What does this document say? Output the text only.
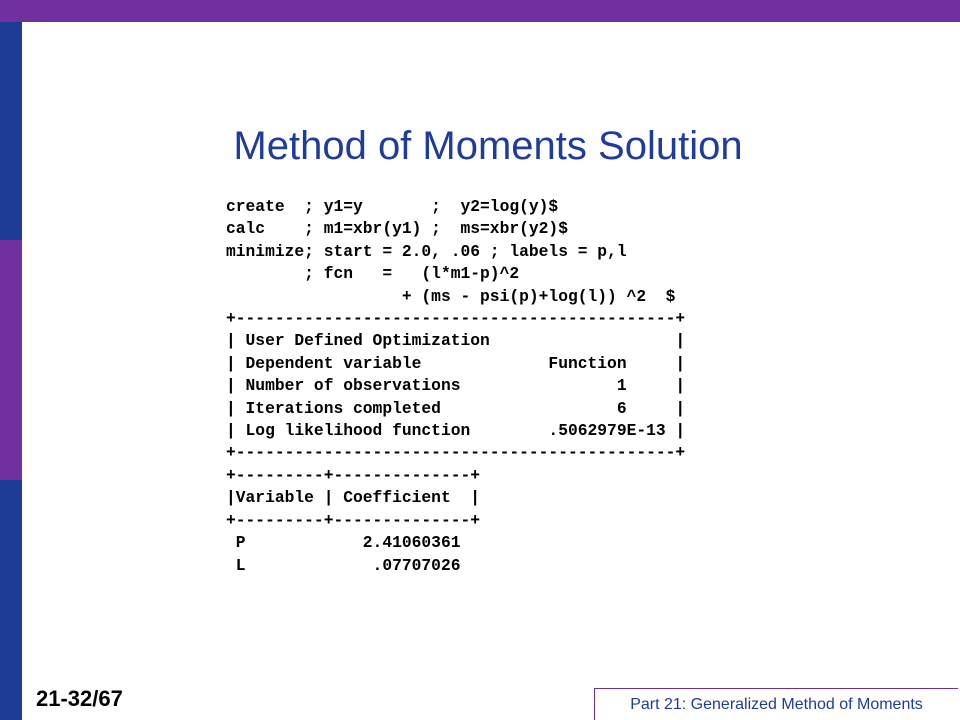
Method of Moments Solution
create  ; y1=y       ;  y2=log(y)$
calc    ; m1=xbr(y1) ;  ms=xbr(y2)$
minimize; start = 2.0, .06 ; labels = p,l
; fcn   =   (l*m1-p)^2
+ (ms - psi(p)+log(l)) ^2  $
+---------------------------------------------+
| User Defined Optimization                   |
| Dependent variable             Function     |
| Number of observations                1     |
| Iterations completed                  6     |
| Log likelihood function        .5062979E-13 |
+---------------------------------------------+
+---------+--------------+
|Variable | Coefficient  |
+---------+--------------+
P            2.41060361
L             .07707026
21-32/67	Part 21: Generalized Method of Moments
